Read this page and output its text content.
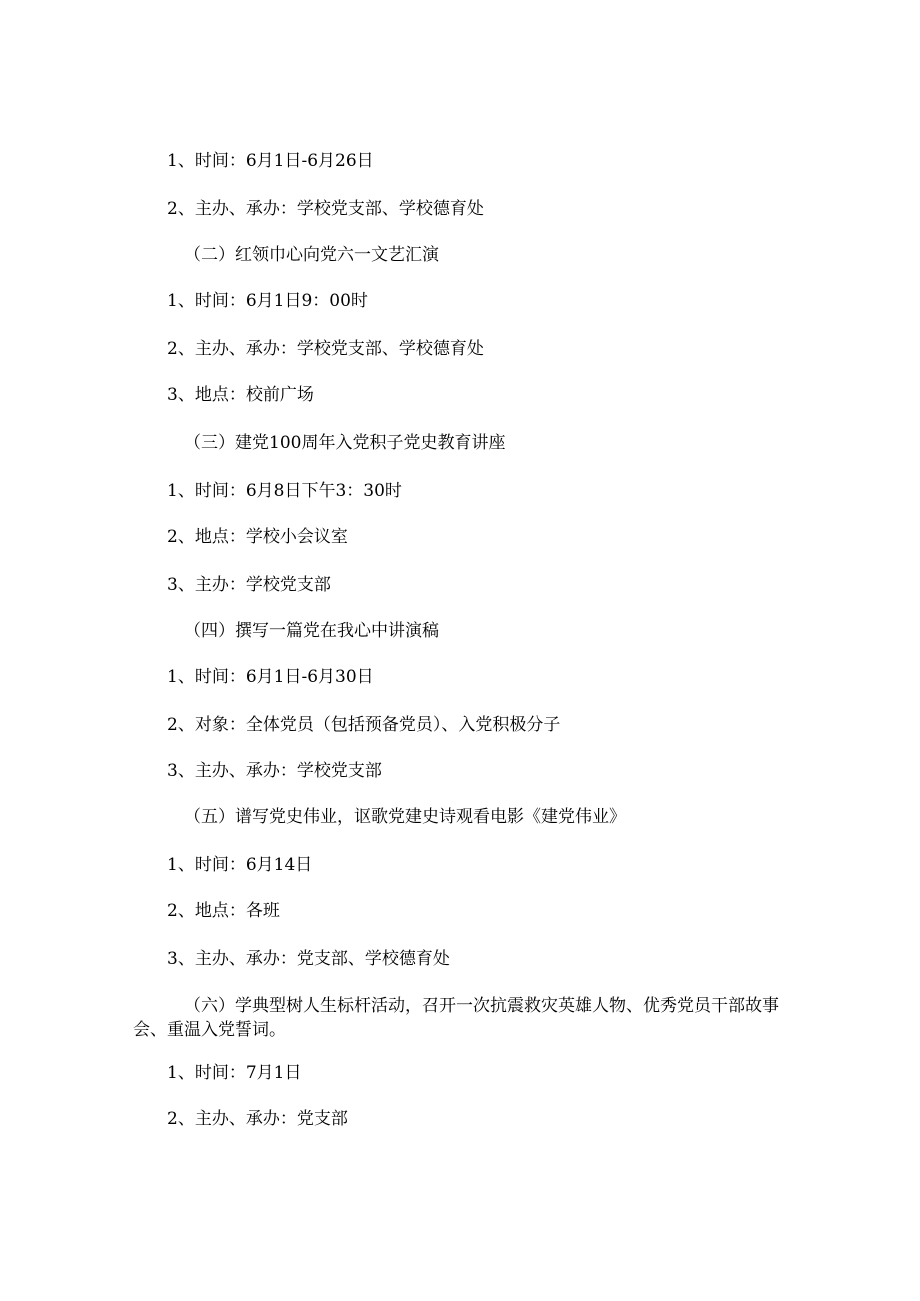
1、时间：6月1日-6月26日
2、主办、承办：学校党支部、学校德育处
（二）红领巾心向党六一文艺汇演
1、时间：6月1日9：00时
2、主办、承办：学校党支部、学校德育处
3、地点：校前广场
（三）建党100周年入党积子党史教育讲座
1、时间：6月8日下午3：30时
2、地点：学校小会议室
3、主办：学校党支部
（四）撰写一篇党在我心中讲演稿
1、时间：6月1日-6月30日
2、对象：全体党员（包括预备党员）、入党积极分子
3、主办、承办：学校党支部
（五）谱写党史伟业，讴歌党建史诗观看电影《建党伟业》
1、时间：6月14日
2、地点：各班
3、主办、承办：党支部、学校德育处
（六）学典型树人生标杆活动，召开一次抗震救灾英雄人物、优秀党员干部故事会、重温入党誓词。
1、时间：7月1日
2、主办、承办：党支部
